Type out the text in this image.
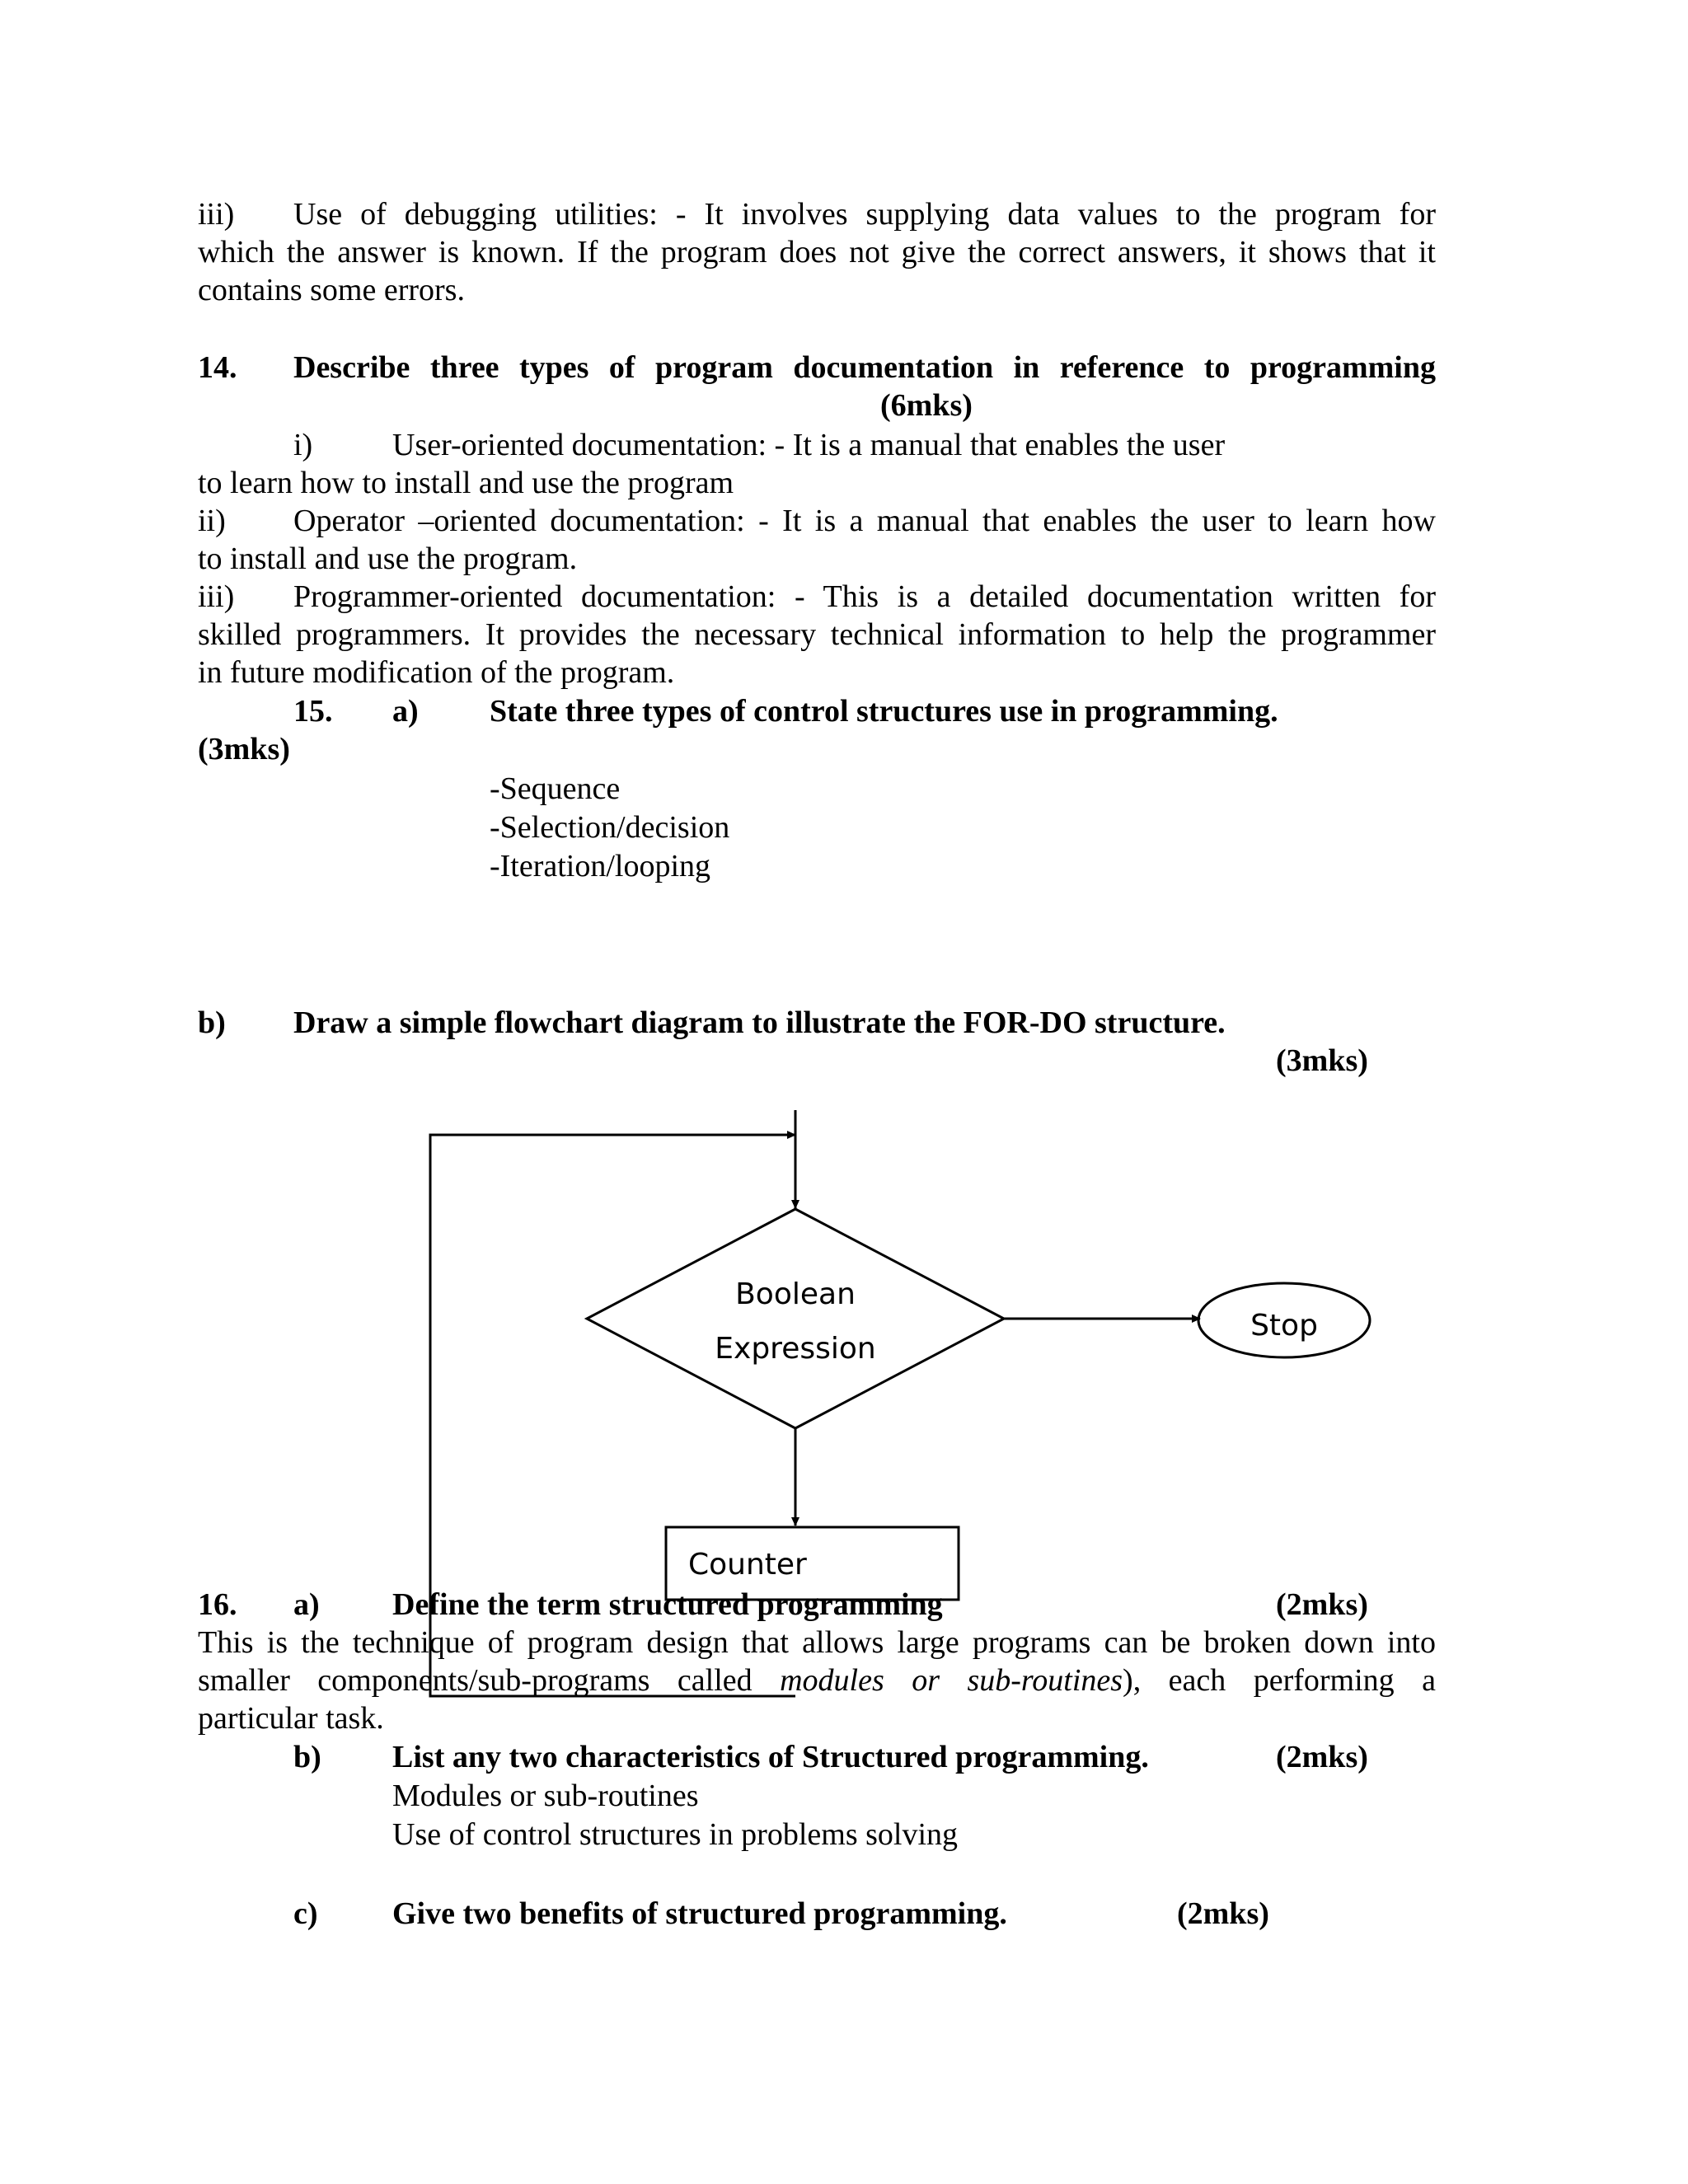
iii) Use of debugging utilities: - It involves supplying data values to the program for
which the answer is known. If the program does not give the correct answers, it shows that it
contains some errors.
14. Describe three types of program documentation in reference to programming
(6mks)
i)	User-oriented documentation: - It is a manual that enables the user
to learn how to install and use the program
ii) Operator –oriented documentation: - It is a manual that enables the user to learn how
to install and use the program.
iii) Programmer-oriented documentation: - This is a detailed documentation written for
skilled programmers. It provides the necessary technical information to help the programmer
in future modification of the program.
15. a) State three types of control structures use in programming.
(3mks)
-Sequence
-Selection/decision
-Iteration/looping
b) Draw a simple flowchart diagram to illustrate the FOR-DO structure.
(3mks)
Boolean
Expression
Stop
Counter
16. a) Define the term structured programming	(2mks)
This is the technique of program design that allows large programs can be broken down into
smaller components/sub-programs called modules or sub-routines), each performing a
particular task.
b) List any two characteristics of Structured programming.	(2mks)
Modules or sub-routines
Use of control structures in problems solving
c) Give two benefits of structured programming.	(2mks)
